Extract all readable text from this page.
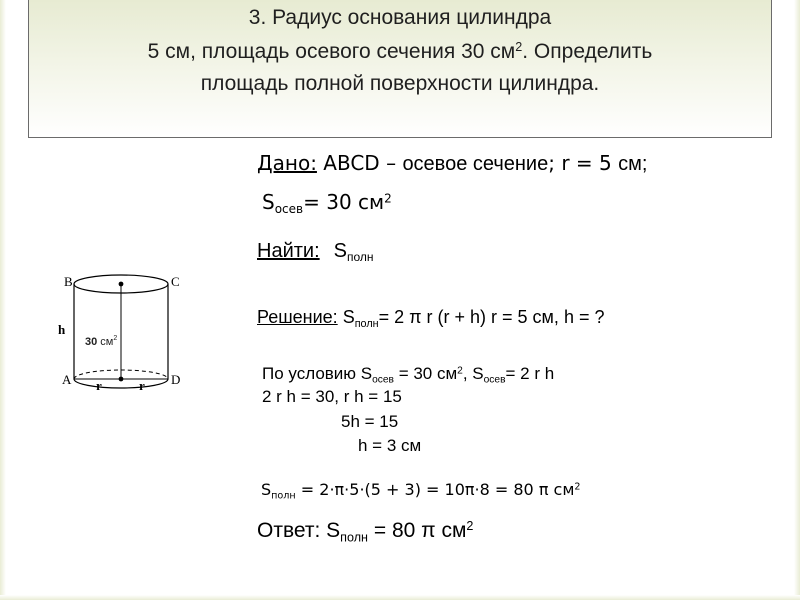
3. Радиус основания цилиндра
5 см, площадь осевого сечения 30 $см^2$. Определить
площадь полной поверхности цилиндра.
Дано: ABCD – осевое сечение; r = 5 см;
$S_{осев}= 30$ $см^2$
Найти: $S_{полн}$
Решение: $S_{полн}= 2$ π r (r + h) r = 5 см, h = ?
По условию $S_{осев} = 30$ $см^2$, $S_{осев}= 2$ r h
2 r h = 30, r h = 15
5h = 15
h = 3 см
$S_{полн} = 2\cdot\pi\cdot 5\cdot(5 + 3) = 10\pi\cdot 8 = 80$ π $см^2$
Ответ: $S_{полн} = 80$ π $см^2$
B	C
A	D
h
30 $см^2$
r	r
